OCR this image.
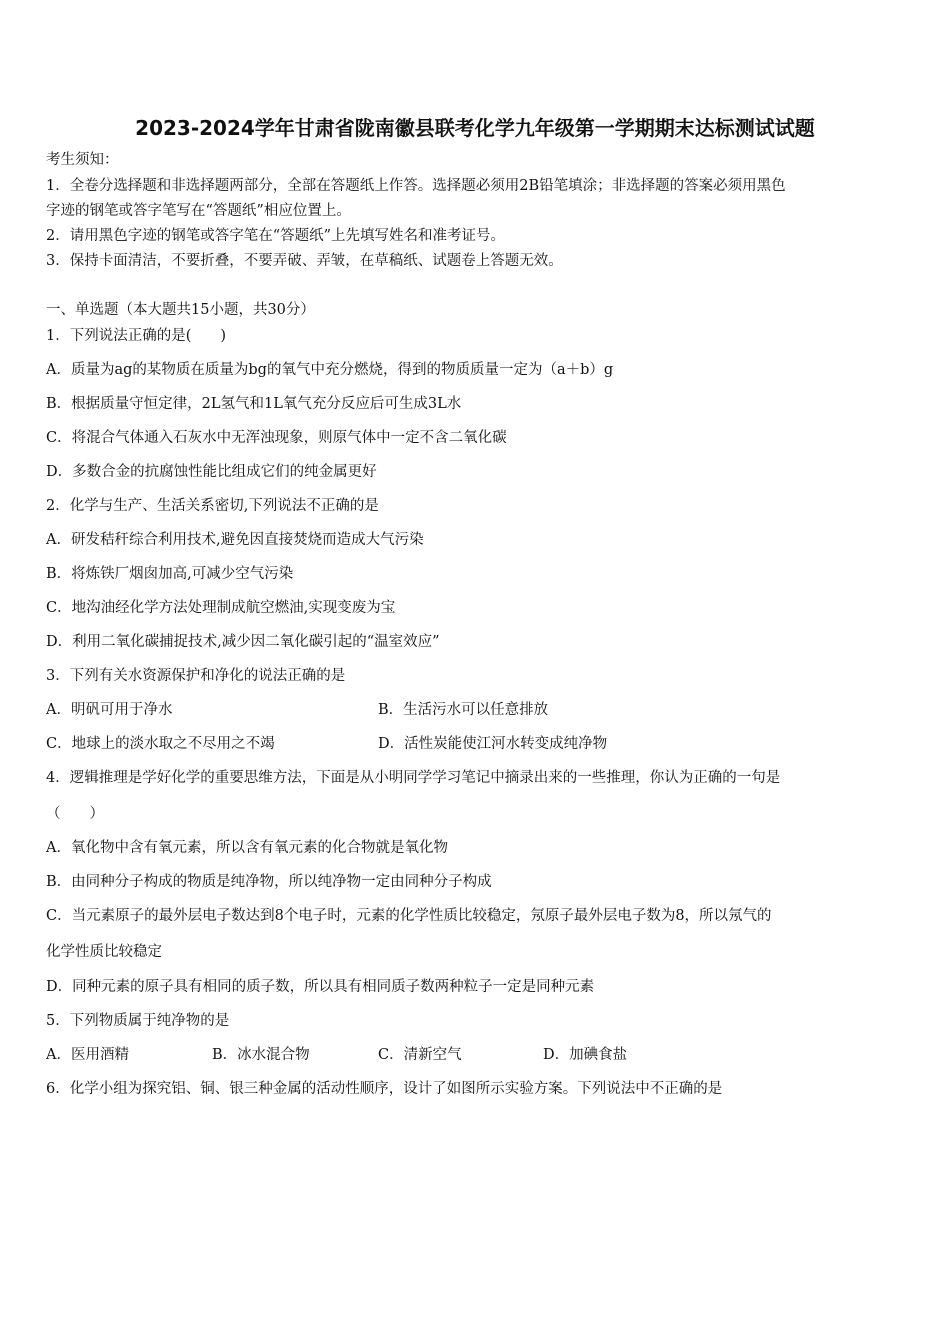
2023-2024学年甘肃省陇南徽县联考化学九年级第一学期期末达标测试试题
考生须知：
1．全卷分选择题和非选择题两部分，全部在答题纸上作答。选择题必须用2B铅笔填涂；非选择题的答案必须用黑色
字迹的钢笔或答字笔写在“答题纸”相应位置上。
2．请用黑色字迹的钢笔或答字笔在“答题纸”上先填写姓名和准考证号。
3．保持卡面清洁，不要折叠，不要弄破、弄皱，在草稿纸、试题卷上答题无效。
一、单选题（本大题共15小题，共30分）
1．下列说法正确的是(　　)
A．质量为ag的某物质在质量为bg的氧气中充分燃烧，得到的物质质量一定为（a＋b）g
B．根据质量守恒定律，2L氢气和1L氧气充分反应后可生成3L水
C．将混合气体通入石灰水中无浑浊现象，则原气体中一定不含二氧化碳
D．多数合金的抗腐蚀性能比组成它们的纯金属更好
2．化学与生产、生活关系密切,下列说法不正确的是
A．研发秸秆综合利用技术,避免因直接焚烧而造成大气污染
B．将炼铁厂烟囱加高,可减少空气污染
C．地沟油经化学方法处理制成航空燃油,实现变废为宝
D．利用二氧化碳捕捉技术,减少因二氧化碳引起的“温室效应”
3．下列有关水资源保护和净化的说法正确的是
A．明矾可用于净水	B．生活污水可以任意排放
C．地球上的淡水取之不尽用之不竭	D．活性炭能使江河水转变成纯净物
4．逻辑推理是学好化学的重要思维方法，下面是从小明同学学习笔记中摘录出来的一些推理，你认为正确的一句是
（　　）
A．氧化物中含有氧元素，所以含有氧元素的化合物就是氧化物
B．由同种分子构成的物质是纯净物，所以纯净物一定由同种分子构成
C．当元素原子的最外层电子数达到8个电子时，元素的化学性质比较稳定，氖原子最外层电子数为8，所以氖气的
化学性质比较稳定
D．同种元素的原子具有相同的质子数，所以具有相同质子数两种粒子一定是同种元素
5．下列物质属于纯净物的是
A．医用酒精	B．冰水混合物	C．清新空气	D．加碘食盐
6．化学小组为探究铝、铜、银三种金属的活动性顺序，设计了如图所示实验方案。下列说法中不正确的是
